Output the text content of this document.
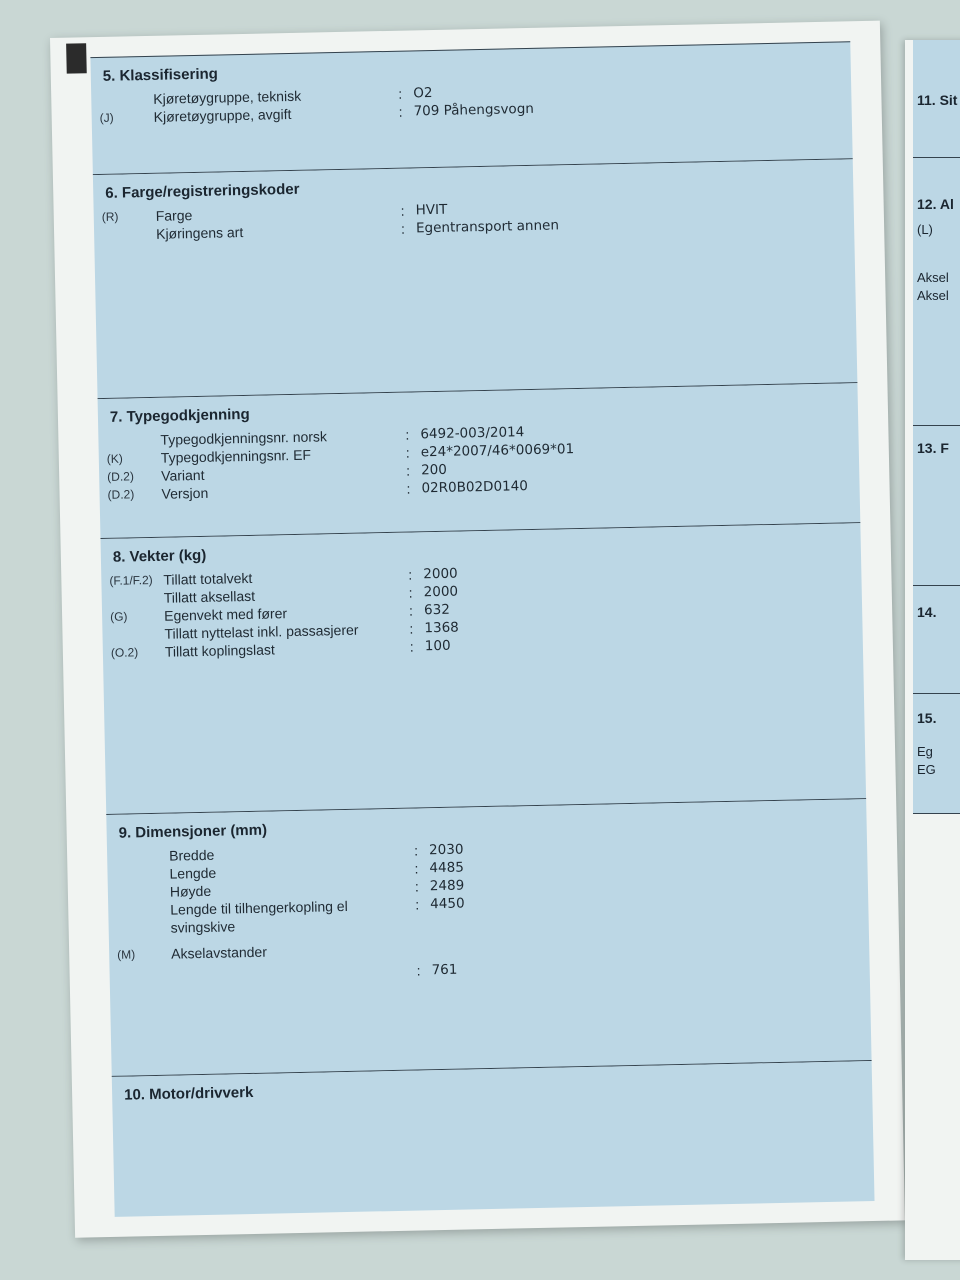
5. Klassifisering
Kjøretøygruppe, teknisk	: O2
(J)	Kjøretøygruppe, avgift	: 709 Påhengsvogn
6. Farge/registreringskoder
(R)	Farge	: HVIT
Kjøringens art	: Egentransport annen
7. Typegodkjenning
Typegodkjenningsnr. norsk	: 6492-003/2014
(K)	Typegodkjenningsnr. EF	: e24*2007/46*0069*01
(D.2)	Variant	: 200
(D.2)	Versjon	: 02R0B02D0140
8. Vekter (kg)
(F.1/F.2) Tillatt totalvekt	: 2000
Tillatt aksellast	: 2000
(G)	Egenvekt med fører	: 632
Tillatt nyttelast inkl. passasjerer	: 1368
(O.2)	Tillatt koplingslast	: 100
9. Dimensjoner (mm)
Bredde	: 2030
Lengde	: 4485
Høyde	: 2489
Lengde til tilhengerkopling el	: 4450
svingskive
(M)	Akselavstander
: 761
10. Motor/drivverk
11. Sit
12. Al
(L)
Aksel
Aksel
13. F
14.
15.
Eg
EG
